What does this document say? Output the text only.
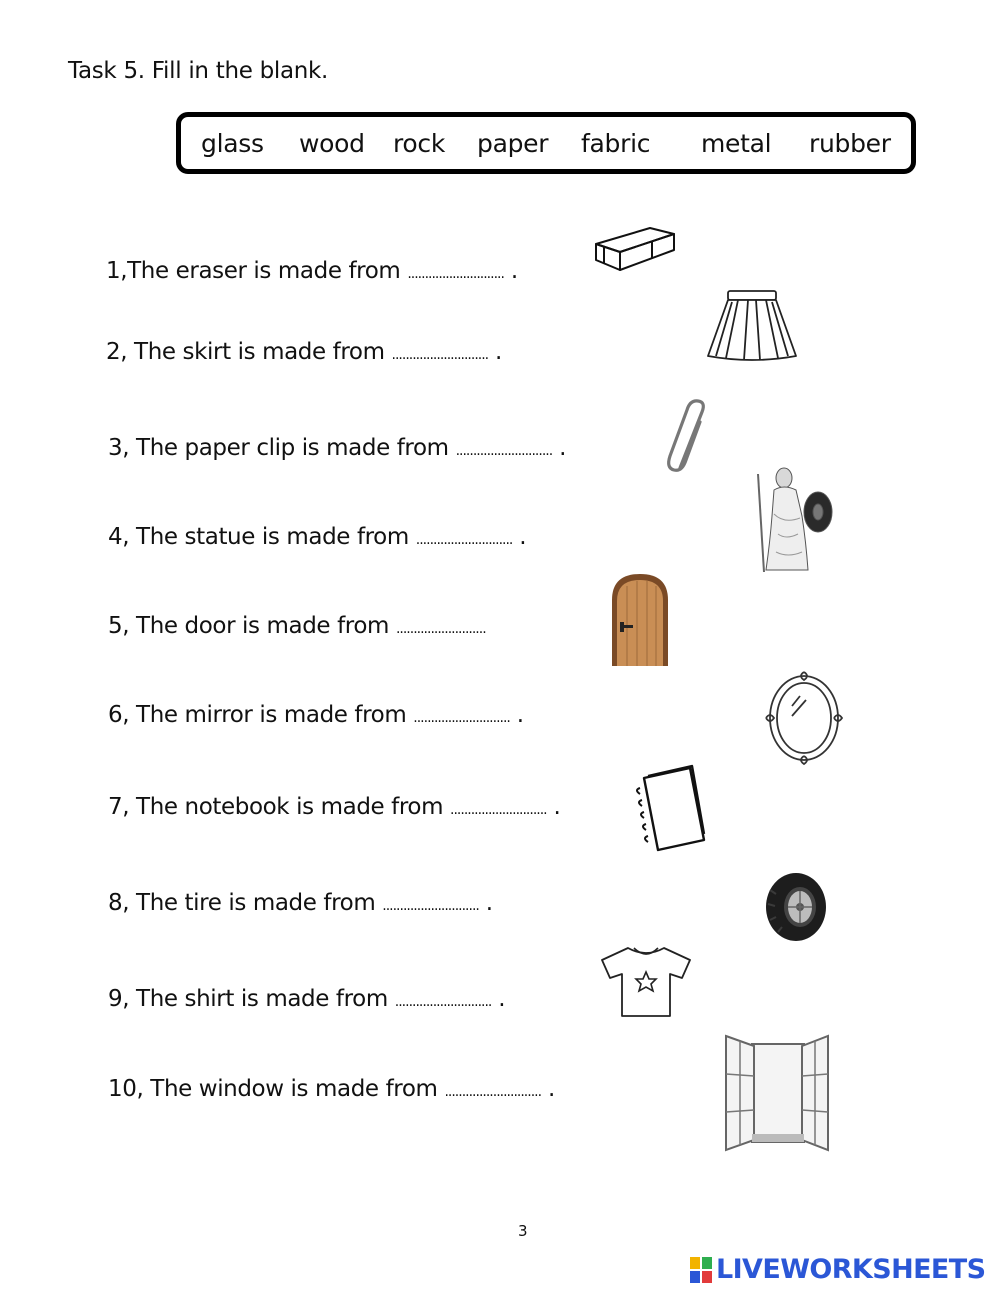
Task 5. Fill in the blank.
glass wood rock paper fabric metal rubber
1,The eraser is made from ............................ .
2, The skirt is made from ............................ .
3, The paper clip is made from ............................ .
4, The statue is made from ............................ .
5, The door is made from ..........................
6, The mirror is made from ............................ .
7, The notebook is made from ............................ .
8, The tire is made from ............................ .
9, The shirt is made from ............................ .
10, The window is made from ............................ .
3
LIVEWORKSHEETS
